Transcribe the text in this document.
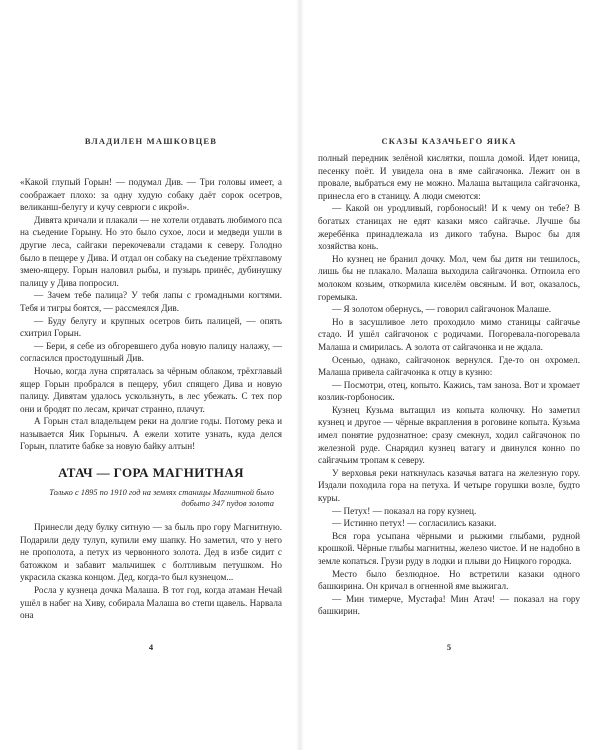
ВЛАДИЛЕН МАШКОВЦЕВ

«Какой глупый Горын! — подумал Див. — Три головы имеет, а соображает плохо: за одну худую собаку даёт сорок осетров, великанш-белугу и кучу севрюги с икрой».

Дивята кричали и плакали — не хотели отдавать любимого пса на съедение Горыну. Но это было сухое, лоси и медведи ушли в другие леса, сайгаки перекочевали стадами к северу. Голодно было в пещере у Дива. И отдал он собаку на съедение трёхглавому змею-ящеру. Горын наловил рыбы, и пузырь принёс, дубинушку палицу у Дива попросил.

— Зачем тебе палица? У тебя лапы с громадными когтями. Тебя и тигры боятся, — рассмеялся Див.

— Буду белугу и крупных осетров бить палицей, — опять схитрил Горын.

— Бери, я себе из обгоревшего дуба новую палицу налажу, — согласился простодушный Див.

Ночью, когда луна спряталась за чёрным облаком, трёхглавый ящер Горын пробрался в пещеру, убил спящего Дива и новую палицу. Дивятам удалось ускользнуть, в лес убежать. С тех пор они и бродят по лесам, кричат странно, плачут.

А Горын стал владельцем реки на долгие годы. Потому река и называется Яик Горыныч. А ежели хотите узнать, куда делся Горын, платите бабке за новую байку алтын!

АТАЧ — ГОРА МАГНИТНАЯ
Только с 1895 по 1910 год на землях станицы Магнитной было добыто 347 пудов золота

Принесли деду булку ситную — за быль про гору Магнитную. Подарили деду тулуп, купили ему шапку. Но заметил, что у него не прополота, а петух из червонного золота. Дед в избе сидит с батожком и забавит мальчишек с болтливым петушком. Но украсила сказка концом. Дед, когда-то был кузнецом...

Росла у кузнеца дочка Малаша. В тот год, когда атаман Нечай ушёл в набег на Хиву, собирала Малаша во степи щавель. Нарвала она

4
СКАЗЫ КАЗАЧЬЕГО ЯИКА

полный передник зелёной кислятки, пошла домой. Идет юница, песенку поёт. И увидела она в яме сайгачонка. Лежит он в провале, выбраться ему не можно. Малаша вытащила сайгачонка, принесла его в станицу. А люди смеются:

— Какой он уродливый, горбоносый! И к чему он тебе? В богатых станицах не едят казаки мясо сайгачье. Лучше бы жеребёнка принадлежала из дикого табуна. Вырос бы для хозяйства конь.

Но кузнец не бранил дочку. Мол, чем бы дитя ни тешилось, лишь бы не плакало. Малаша выходила сайгачонка. Отпоила его молоком козьим, откормила киселём овсяным. И вот, оказалось, горемыка.

— Я золотом обернусь, — говорил сайгачонок Малаше.

Но в засушливое лето проходило мимо станицы сайгачье стадо. И ушёл сайгачонок с родичами. Погоревала-погоревала Малаша и смирилась. А золота от сайгачонка и не ждала.

Осенью, однако, сайгачонок вернулся. Где-то он охромел. Малаша привела сайгачонка к отцу в кузню:

— Посмотри, отец, копыто. Кажись, там заноза. Вот и хромает козлик-горбоносик.

Кузнец Кузьма вытащил из копыта колючку. Но заметил кузнец и другое — чёрные вкрапления в роговине копыта. Кузьма имел понятие рудознатное: сразу смекнул, ходил сайгачонок по железной руде. Снарядил кузнец ватагу и двинулся конно по сайгачьим тропам к северу.

У верховья реки наткнулась казачья ватага на железную гору. Издали походила гора на петуха. И четыре горушки возле, будто куры.

— Петух! — показал на гору кузнец.

— Истинно петух! — согласились казаки.

Вся гора усыпана чёрными и рыжими глыбами, рудной крошкой. Чёрные глыбы магнитны, железо чистое. И не надобно в земле копаться. Грузи руду в лодки и плыви до Ницкого городка.

Место было безлюдное. Но встретили казаки одного башкирина. Он кричал в огненной яме выжигал.

— Мин тимерче, Мустафа! Мин Атач! — показал на гору башкирин.

5
